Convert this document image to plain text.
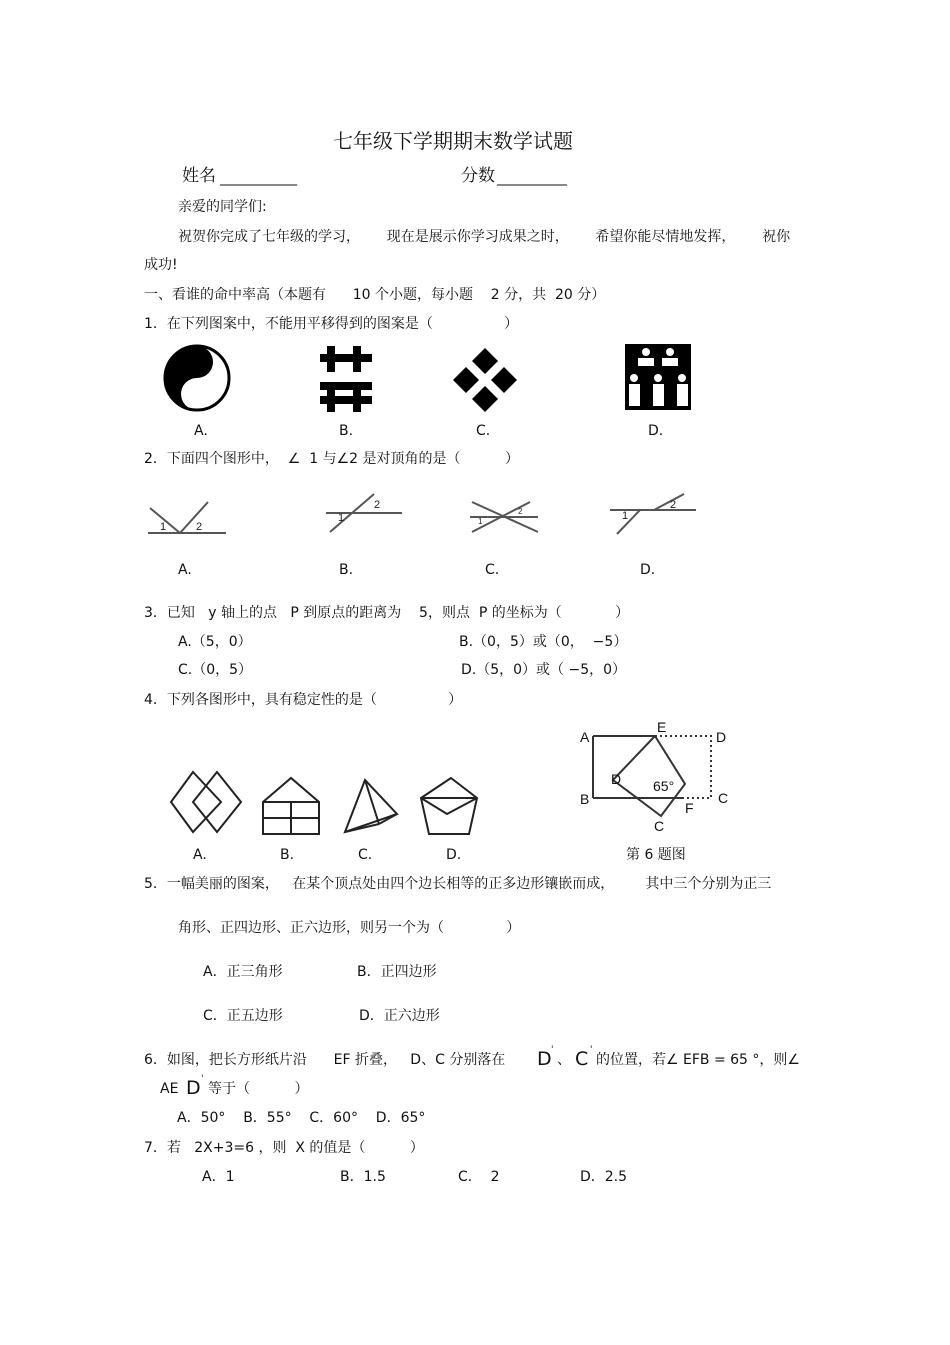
七年级下学期期末数学试题
姓名 ___________	分数 __________
亲爱的同学们:
祝贺你完成了七年级的学习，      现在是展示你学习成果之时，      希望你能尽情地发挥，      祝你
成功!
一、看谁的命中率高（本题有      10 个小题，每小题    2 分，共  20 分）
1．在下列图案中，不能用平移得到的图案是（                ）
A.	B.	C.	D.
2．下面四个图形中，  ∠  1 与∠2 是对顶角的是（          ）
1	2
1
2
1
2	1
2
A.	B.	C.	D.
3．已知   y 轴上的点   P 到原点的距离为    5，则点  P 的坐标为（            ）
A.（5，0）	B.（0，5）或（0，  −5）
C.（0，5）	D.（5，0）或（ −5，0）
4．下列各图形中，具有稳定性的是（                ）
A.	B.	C.	D.
A
E
D
B
D 65°
C
F
C
第 6 题图
5．一幅美丽的图案，   在某个顶点处由四个边长相等的正多边形镶嵌而成，       其中三个分别为正三
角形、正四边形、正六边形，则另一个为（              ）
A．正三角形	B．正四边形
C．正五边形	D．正六边形
6．如图，把长方形纸片沿      EF 折叠，   D、C 分别落在 D '
、 C '
的位置，若∠ EFB = 65 °，则∠
AE D '
等于（          ）
A．50°    B．55°    C．60°    D．65°
7．若   2X+3=6 ，则  X 的值是（          ）
A．1	B．1.5	C．  2	D．2.5
